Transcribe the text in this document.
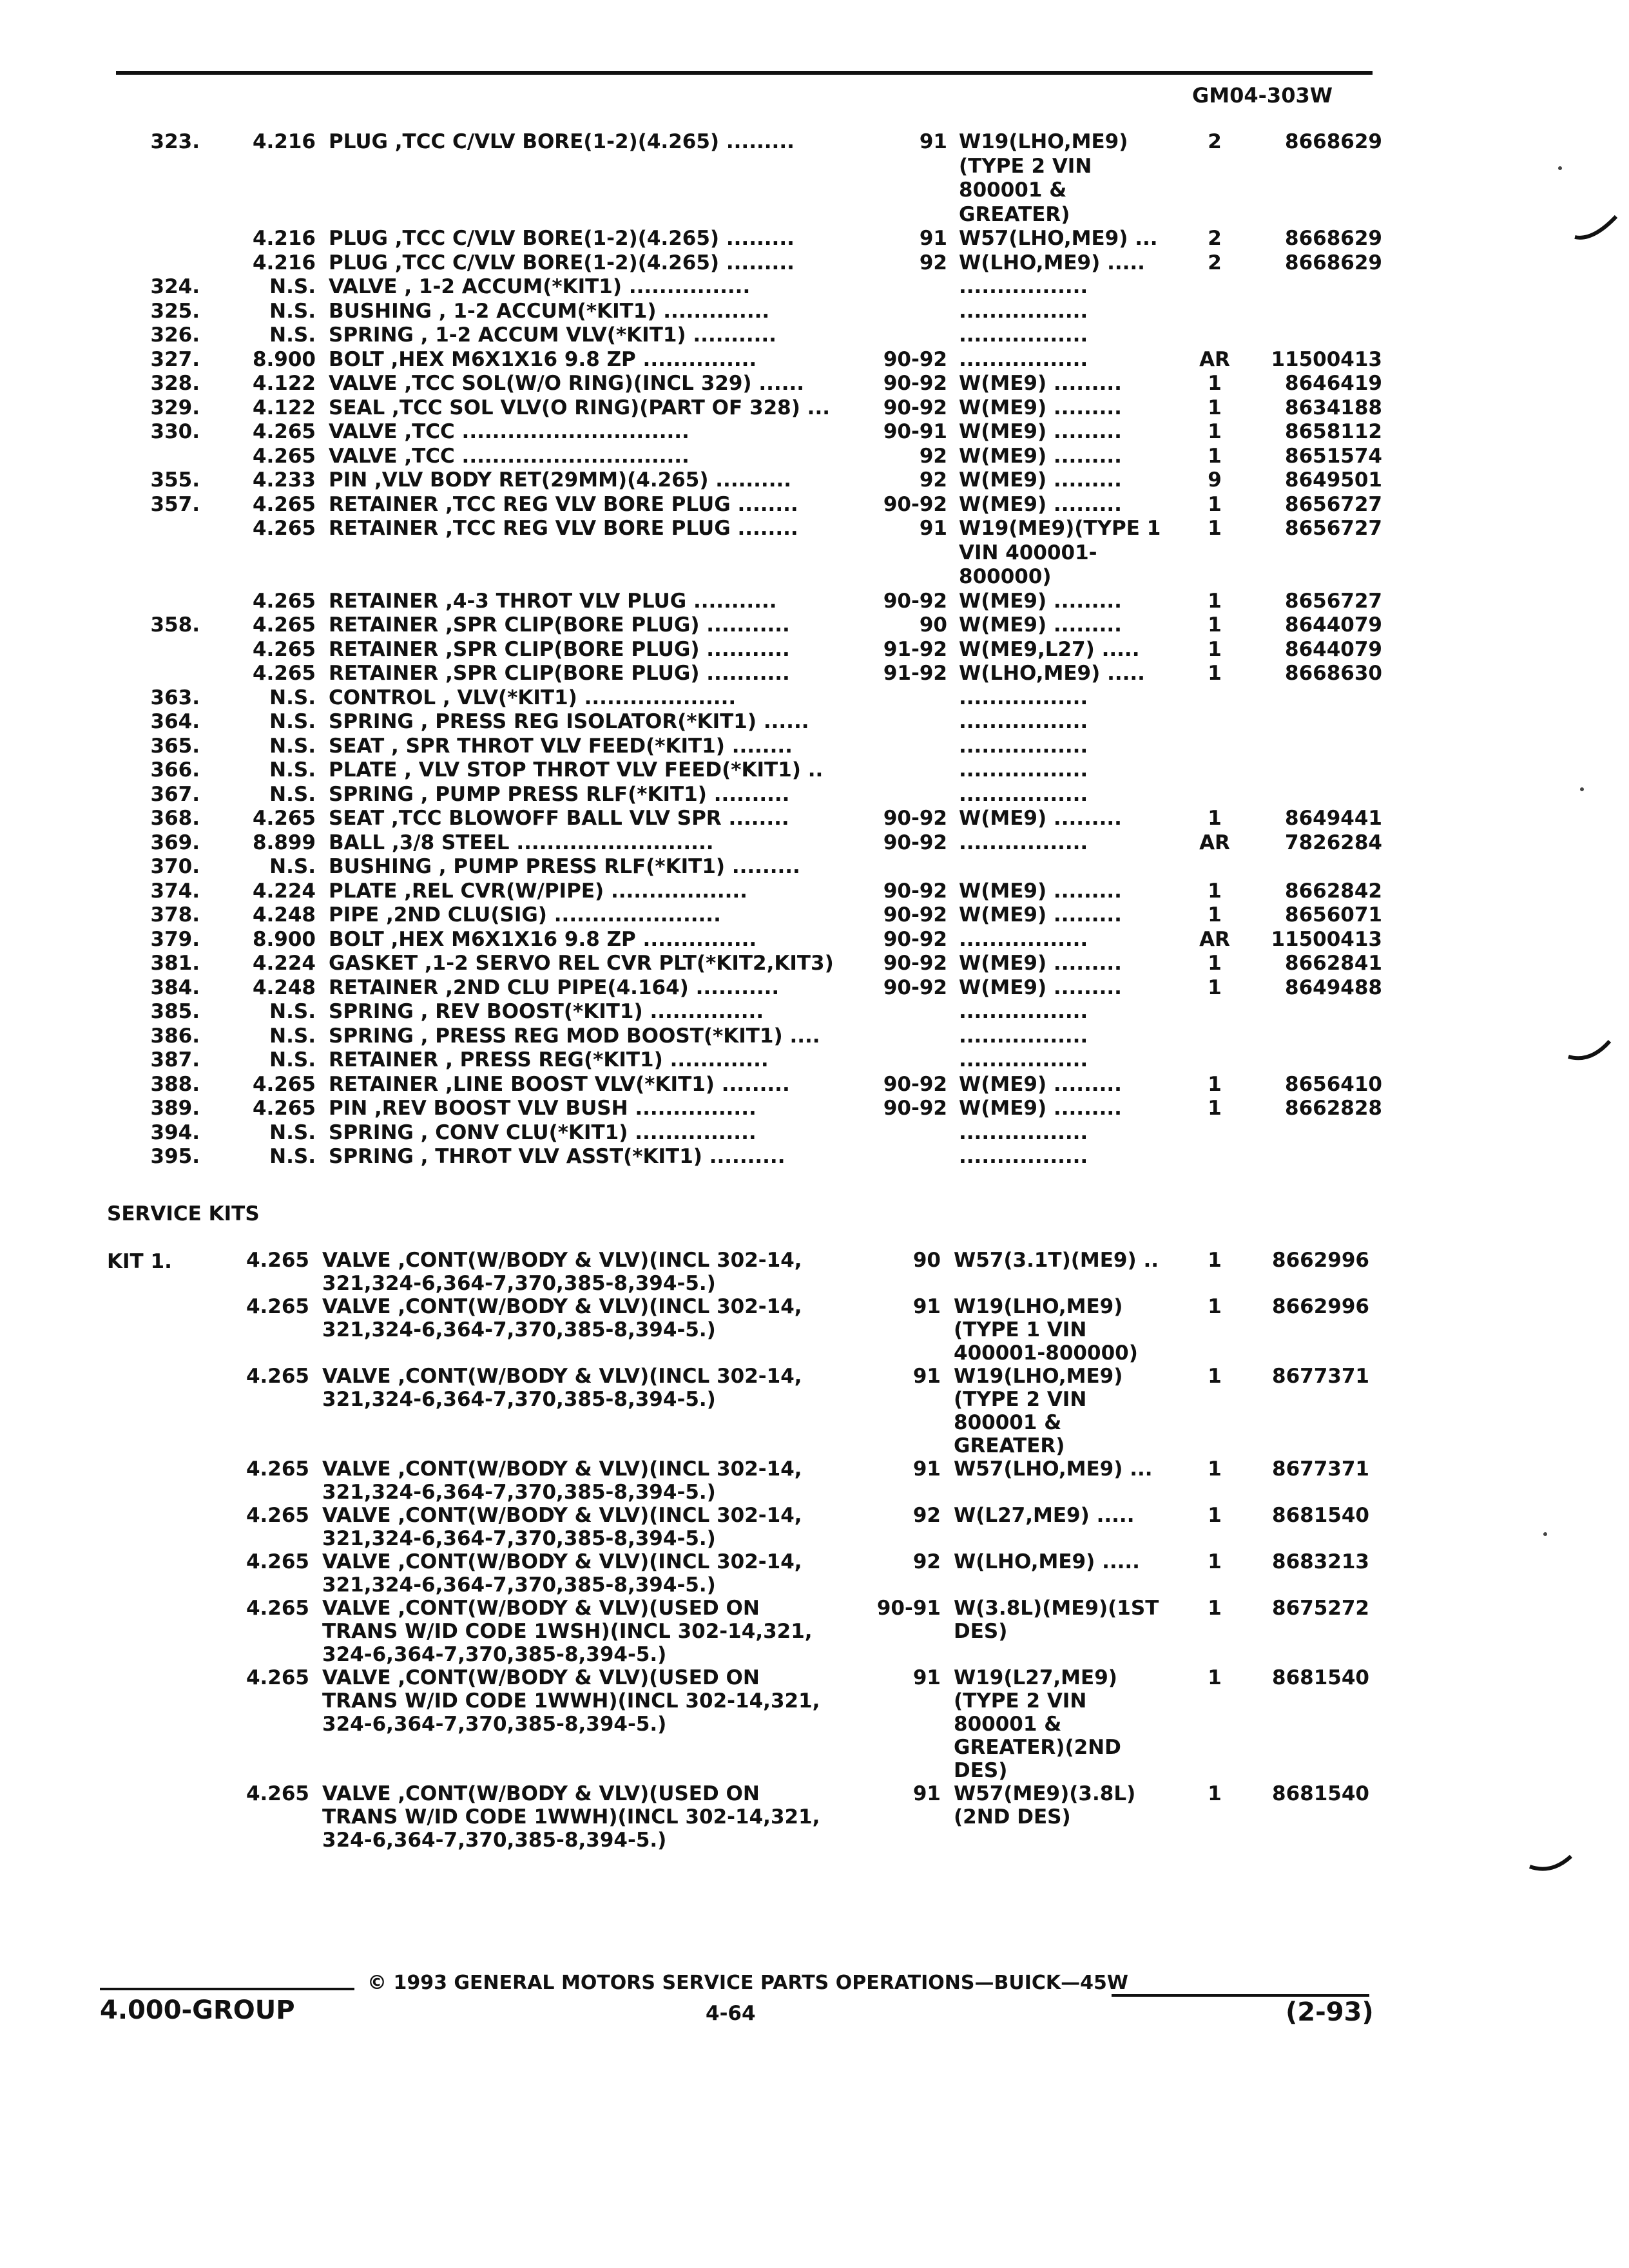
GM04-303W
323.	4.216 PLUG ,TCC C/VLV BORE(1-2)(4.265) .........	91 W19(LHO,ME9)	2	8668629
(TYPE 2 VIN
800001 &
GREATER)
4.216 PLUG ,TCC C/VLV BORE(1-2)(4.265) .........	91 W57(LHO,ME9) ...	2	8668629
4.216 PLUG ,TCC C/VLV BORE(1-2)(4.265) .........	92 W(LHO,ME9) .....	2	8668629
324.	N.S. VALVE , 1-2 ACCUM(*KIT1) ................	.................
325.	N.S. BUSHING , 1-2 ACCUM(*KIT1) ..............	.................
326.	N.S. SPRING , 1-2 ACCUM VLV(*KIT1) ...........	.................
327.	8.900 BOLT ,HEX M6X1X16 9.8 ZP ...............	90-92 .................	AR	11500413
328.	4.122 VALVE ,TCC SOL(W/O RING)(INCL 329) ......	90-92 W(ME9) .........	1	8646419
329.	4.122 SEAL ,TCC SOL VLV(O RING)(PART OF 328) ...	90-92 W(ME9) .........	1	8634188
330.	4.265 VALVE ,TCC ..............................	90-91 W(ME9) .........	1	8658112
4.265 VALVE ,TCC ..............................	92 W(ME9) .........	1	8651574
355.	4.233 PIN ,VLV BODY RET(29MM)(4.265) ..........	92 W(ME9) .........	9	8649501
357.	4.265 RETAINER ,TCC REG VLV BORE PLUG ........	90-92 W(ME9) .........	1	8656727
4.265 RETAINER ,TCC REG VLV BORE PLUG ........	91 W19(ME9)(TYPE 1	1	8656727
VIN 400001-
800000)
4.265 RETAINER ,4-3 THROT VLV PLUG ...........	90-92 W(ME9) .........	1	8656727
358.	4.265 RETAINER ,SPR CLIP(BORE PLUG) ...........	90 W(ME9) .........	1	8644079
4.265 RETAINER ,SPR CLIP(BORE PLUG) ...........	91-92 W(ME9,L27) .....	1	8644079
4.265 RETAINER ,SPR CLIP(BORE PLUG) ...........	91-92 W(LHO,ME9) .....	1	8668630
363.	N.S. CONTROL , VLV(*KIT1) ....................	.................
364.	N.S. SPRING , PRESS REG ISOLATOR(*KIT1) ......	.................
365.	N.S. SEAT , SPR THROT VLV FEED(*KIT1) ........	.................
366.	N.S. PLATE , VLV STOP THROT VLV FEED(*KIT1) ..	.................
367.	N.S. SPRING , PUMP PRESS RLF(*KIT1) ..........	.................
368.	4.265 SEAT ,TCC BLOWOFF BALL VLV SPR ........	90-92 W(ME9) .........	1	8649441
369.	8.899 BALL ,3/8 STEEL ..........................	90-92 .................	AR	7826284
370.	N.S. BUSHING , PUMP PRESS RLF(*KIT1) .........
374.	4.224 PLATE ,REL CVR(W/PIPE) ..................	90-92 W(ME9) .........	1	8662842
378.	4.248 PIPE ,2ND CLU(SIG) ......................	90-92 W(ME9) .........	1	8656071
379.	8.900 BOLT ,HEX M6X1X16 9.8 ZP ...............	90-92 .................	AR	11500413
381.	4.224 GASKET ,1-2 SERVO REL CVR PLT(*KIT2,KIT3)	90-92 W(ME9) .........	1	8662841
384.	4.248 RETAINER ,2ND CLU PIPE(4.164) ...........	90-92 W(ME9) .........	1	8649488
385.	N.S. SPRING , REV BOOST(*KIT1) ...............	.................
386.	N.S. SPRING , PRESS REG MOD BOOST(*KIT1) ....	.................
387.	N.S. RETAINER , PRESS REG(*KIT1) .............	.................
388.	4.265 RETAINER ,LINE BOOST VLV(*KIT1) .........	90-92 W(ME9) .........	1	8656410
389.	4.265 PIN ,REV BOOST VLV BUSH ................	90-92 W(ME9) .........	1	8662828
394.	N.S. SPRING , CONV CLU(*KIT1) ................	.................
395.	N.S. SPRING , THROT VLV ASST(*KIT1) ..........	.................
SERVICE KITS
KIT 1.	4.265 VALVE ,CONT(W/BODY & VLV)(INCL 302-14,	90 W57(3.1T)(ME9) ..	1	8662996
321,324-6,364-7,370,385-8,394-5.)
4.265 VALVE ,CONT(W/BODY & VLV)(INCL 302-14,	91 W19(LHO,ME9)	1	8662996
321,324-6,364-7,370,385-8,394-5.)	(TYPE 1 VIN
400001-800000)
4.265 VALVE ,CONT(W/BODY & VLV)(INCL 302-14,	91 W19(LHO,ME9)	1	8677371
321,324-6,364-7,370,385-8,394-5.)	(TYPE 2 VIN
800001 &
GREATER)
4.265 VALVE ,CONT(W/BODY & VLV)(INCL 302-14,	91 W57(LHO,ME9) ...	1	8677371
321,324-6,364-7,370,385-8,394-5.)
4.265 VALVE ,CONT(W/BODY & VLV)(INCL 302-14,	92 W(L27,ME9) .....	1	8681540
321,324-6,364-7,370,385-8,394-5.)
4.265 VALVE ,CONT(W/BODY & VLV)(INCL 302-14,	92 W(LHO,ME9) .....	1	8683213
321,324-6,364-7,370,385-8,394-5.)
4.265 VALVE ,CONT(W/BODY & VLV)(USED ON	90-91 W(3.8L)(ME9)(1ST	1	8675272
TRANS W/ID CODE 1WSH)(INCL 302-14,321,	DES)
324-6,364-7,370,385-8,394-5.)
4.265 VALVE ,CONT(W/BODY & VLV)(USED ON	91 W19(L27,ME9)	1	8681540
TRANS W/ID CODE 1WWH)(INCL 302-14,321,	(TYPE 2 VIN
324-6,364-7,370,385-8,394-5.)	800001 &
GREATER)(2ND
DES)
4.265 VALVE ,CONT(W/BODY & VLV)(USED ON	91 W57(ME9)(3.8L)	1	8681540
TRANS W/ID CODE 1WWH)(INCL 302-14,321,	(2ND DES)
324-6,364-7,370,385-8,394-5.)
© 1993 GENERAL MOTORS SERVICE PARTS OPERATIONS—BUICK—45W
4.000-GROUP	4-64	(2-93)
